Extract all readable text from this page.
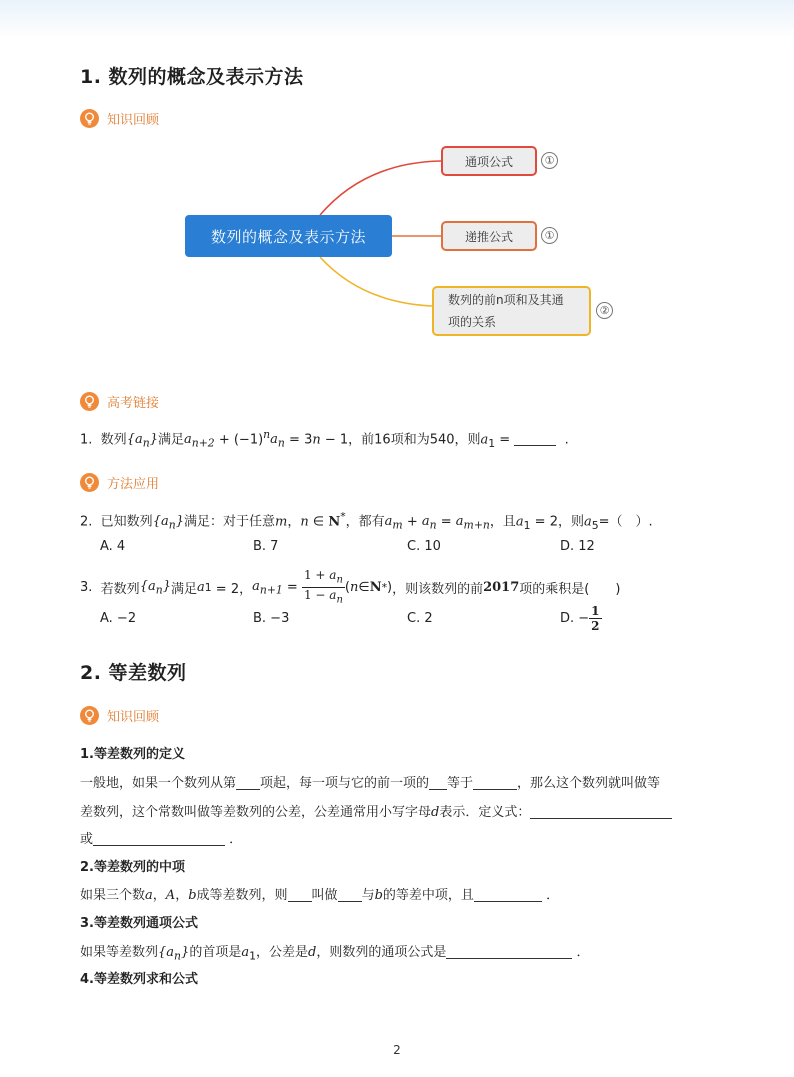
1. 数列的概念及表示方法
知识回顾
数列的概念及表示方法
通项公式	①
递推公式	①
数列的前n项和及其通项的关系
②
高考链接
1. 数列$\{a_n\}$满足$a_{n+2} + (-1)^na_n = 3n - 1$，前16项和为540，则$a_1$ =	.
方法应用
2. 已知数列$\{a_n\}$满足：对于任意m，n ∈ N*，都有$a_m + a_n = a_{m+n}$，且$a_1 = 2$，则$a_5=$（　）.
A. 4	B. 7	C. 10	D. 12
3.
若数列 $\{a_n\}$ 满足 a 1 = 2， $a_{n+1} = \frac{1 + a_n}{1 - a_n}$ ( n ∈ N * ) ，则该数列的前 2017 项的乘积是(　　)
A. −2	B. −3	C. 2	D. − $\frac{1}{2}$
2. 等差数列
知识回顾
1.等差数列的定义
一般地，如果一个数列从第 项起，每一项与它的前一项的 等于	，那么这个数列就叫做等
差数列，这个常数叫做等差数列的公差，公差通常用小写字母d表示．定义式：
或	．
2.等差数列的中项
如果三个数a，A，b成等差数列，则 叫做 与b的等差中项，且	．
3.等差数列通项公式
如果等差数列$\{a_n\}$的首项是$a_1$，公差是d，则数列的通项公式是	．
4.等差数列求和公式
2
